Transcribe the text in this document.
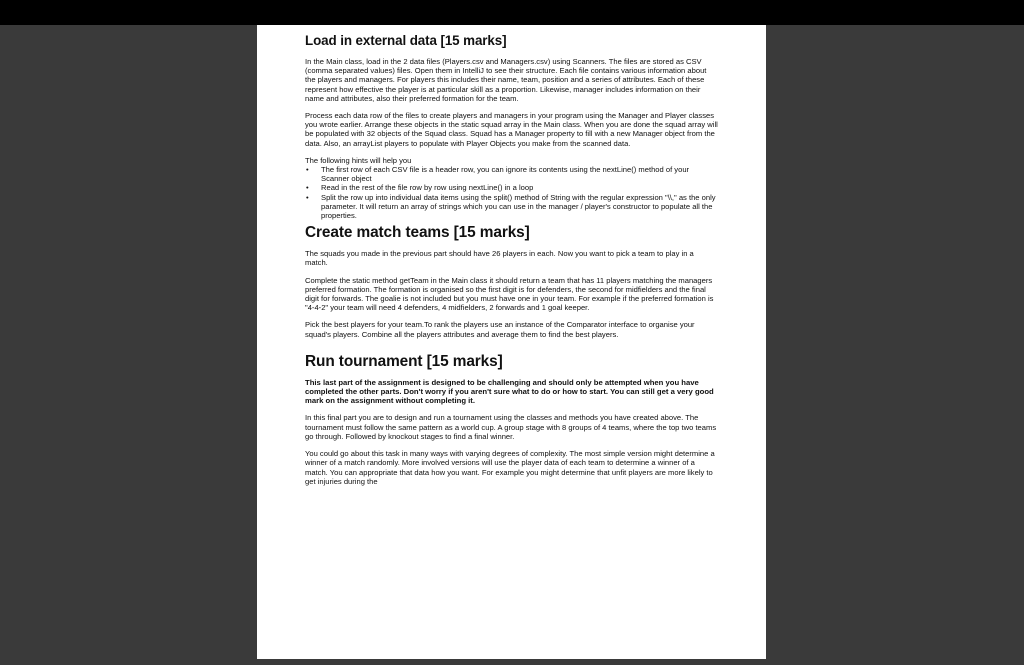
Load in external data [15 marks]

In the Main class, load in the 2 data files (Players.csv and Managers.csv) using Scanners. The files are stored as CSV (comma separated values) files. Open them in IntelliJ to see their structure. Each file contains various information about the players and managers. For players this includes their name, team, position and a series of attributes. Each of these represent how effective the player is at particular skill as a proportion. Likewise, manager includes information on their name and attributes, also their preferred formation for the team.

Process each data row of the files to create players and managers in your program using the Manager and Player classes you wrote earlier. Arrange these objects in the static squad array in the Main class. When you are done the squad array will be populated with 32 objects of the Squad class. Squad has a Manager property to fill with a new Manager object from the data. Also, an arrayList players to populate with Player Objects you make from the scanned data.

The following hints will help you

• The first row of each CSV file is a header row, you can ignore its contents using the nextLine() method of your Scanner object
• Read in the rest of the file row by row using nextLine() in a loop
• Split the row up into individual data items using the split() method of String with the regular expression "\\," as the only parameter. It will return an array of strings which you can use in the manager / player's constructor to populate all the properties.
Create match teams [15 marks]

The squads you made in the previous part should have 26 players in each. Now you want to pick a team to play in a match.

Complete the static method getTeam in the Main class it should return a team that has 11 players matching the managers preferred formation. The formation is organised so the first digit is for defenders, the second for midfielders and the final digit for forwards. The goalie is not included but you must have one in your team. For example if the preferred formation is "4-4-2" your team will need 4 defenders, 4 midfielders, 2 forwards and 1 goal keeper.

Pick the best players for your team.To rank the players use an instance of the Comparator interface to organise your squad's players. Combine all the players attributes and average them to find the best players.

Run tournament [15 marks]

This last part of the assignment is designed to be challenging and should only be attempted when you have completed the other parts. Don't worry if you aren't sure what to do or how to start. You can still get a very good mark on the assignment without completing it.

In this final part you are to design and run a tournament using the classes and methods you have created above. The tournament must follow the same pattern as a world cup. A group stage with 8 groups of 4 teams, where the top two teams go through. Followed by knockout stages to find a final winner.

You could go about this task in many ways with varying degrees of complexity. The most simple version might determine a winner of a match randomly. More involved versions will use the player data of each team to determine a winner of a match. You can appropriate that data how you want. For example you might determine that unfit players are more likely to get injuries during the
